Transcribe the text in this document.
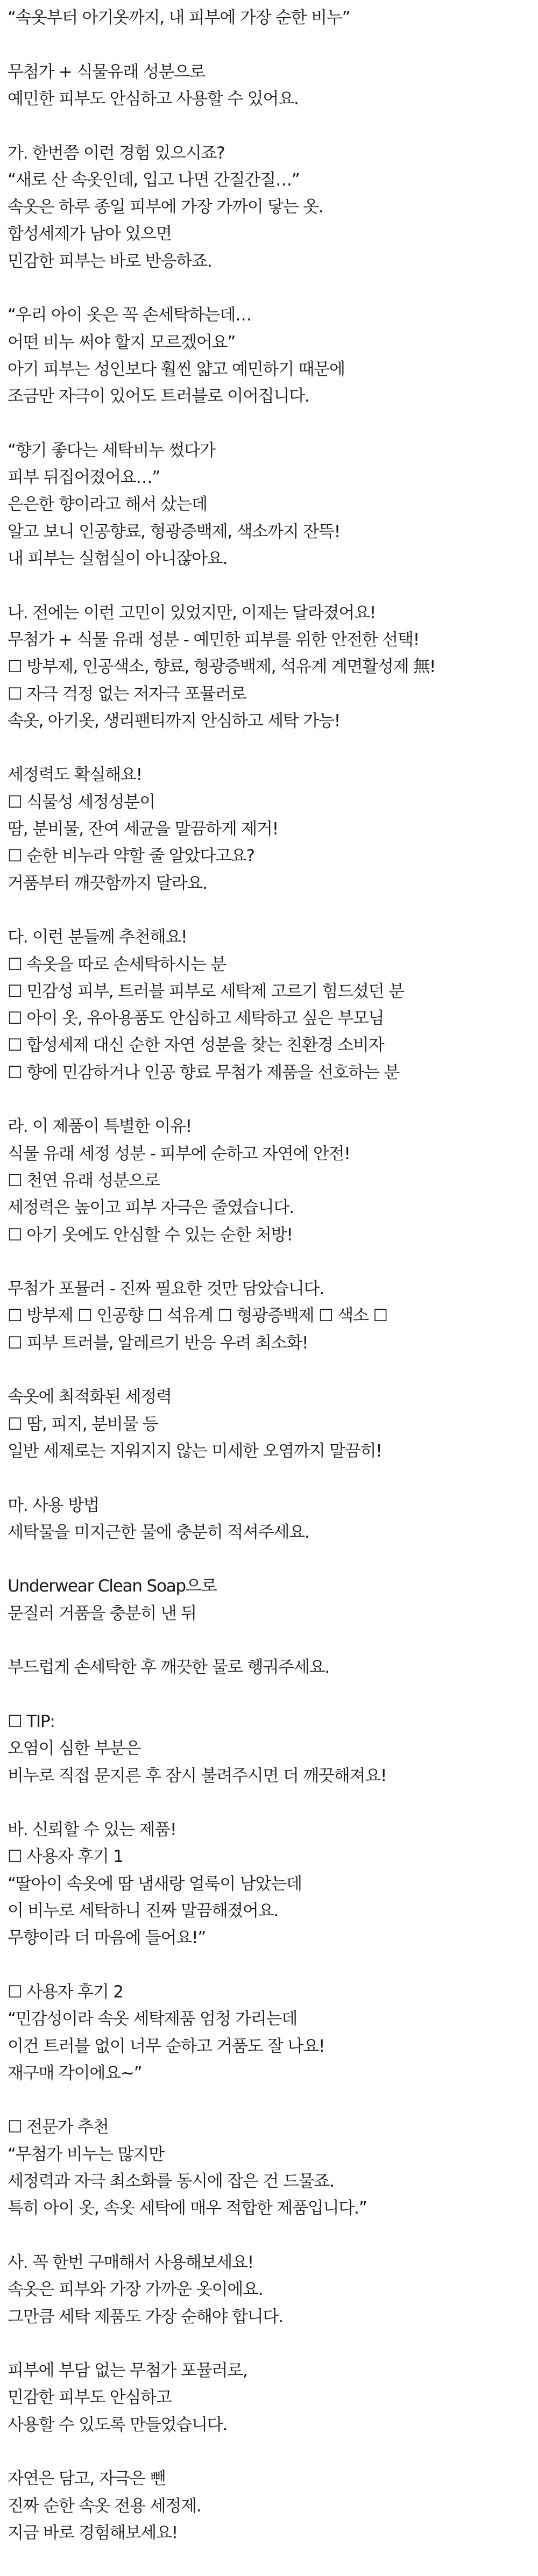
“속옷부터 아기옷까지, 내 피부에 가장 순한 비누”
무첨가 + 식물유래 성분으로
예민한 피부도 안심하고 사용할 수 있어요.
가. 한번쯤 이런 경험 있으시죠?
“새로 산 속옷인데, 입고 나면 간질간질…”
속옷은 하루 종일 피부에 가장 가까이 닿는 옷.
합성세제가 남아 있으면
민감한 피부는 바로 반응하죠.
“우리 아이 옷은 꼭 손세탁하는데…
어떤 비누 써야 할지 모르겠어요”
아기 피부는 성인보다 훨씬 얇고 예민하기 때문에
조금만 자극이 있어도 트러블로 이어집니다.
“향기 좋다는 세탁비누 썼다가
피부 뒤집어졌어요…”
은은한 향이라고 해서 샀는데
알고 보니 인공향료, 형광증백제, 색소까지 잔뜩!
내 피부는 실험실이 아니잖아요.
나. 전에는 이런 고민이 있었지만, 이제는 달라졌어요!
무첨가 + 식물 유래 성분 - 예민한 피부를 위한 안전한 선택!
☐ 방부제, 인공색소, 향료, 형광증백제, 석유계 계면활성제 無!
☐ 자극 걱정 없는 저자극 포뮬러로
속옷, 아기옷, 생리팬티까지 안심하고 세탁 가능!
세정력도 확실해요!
☐ 식물성 세정성분이
땀, 분비물, 잔여 세균을 말끔하게 제거!
☐ 순한 비누라 약할 줄 알았다고요?
거품부터 깨끗함까지 달라요.
다. 이런 분들께 추천해요!
☐ 속옷을 따로 손세탁하시는 분
☐ 민감성 피부, 트러블 피부로 세탁제 고르기 힘드셨던 분
☐ 아이 옷, 유아용품도 안심하고 세탁하고 싶은 부모님
☐ 합성세제 대신 순한 자연 성분을 찾는 친환경 소비자
☐ 향에 민감하거나 인공 향료 무첨가 제품을 선호하는 분
라. 이 제품이 특별한 이유!
식물 유래 세정 성분 - 피부에 순하고 자연에 안전!
☐ 천연 유래 성분으로
세정력은 높이고 피부 자극은 줄였습니다.
☐ 아기 옷에도 안심할 수 있는 순한 처방!
무첨가 포뮬러 - 진짜 필요한 것만 담았습니다.
☐ 방부제 ☐ 인공향 ☐ 석유계 ☐ 형광증백제 ☐ 색소 ☐
☐ 피부 트러블, 알레르기 반응 우려 최소화!
속옷에 최적화된 세정력
☐ 땀, 피지, 분비물 등
일반 세제로는 지워지지 않는 미세한 오염까지 말끔히!
마. 사용 방법
세탁물을 미지근한 물에 충분히 적셔주세요.
Underwear Clean Soap으로
문질러 거품을 충분히 낸 뒤
부드럽게 손세탁한 후 깨끗한 물로 헹궈주세요.
☐ TIP:
오염이 심한 부분은
비누로 직접 문지른 후 잠시 불려주시면 더 깨끗해져요!
바. 신뢰할 수 있는 제품!
☐ 사용자 후기 1
“딸아이 속옷에 땀 냄새랑 얼룩이 남았는데
이 비누로 세탁하니 진짜 말끔해졌어요.
무향이라 더 마음에 들어요!”
☐ 사용자 후기 2
“민감성이라 속옷 세탁제품 엄청 가리는데
이건 트러블 없이 너무 순하고 거품도 잘 나요!
재구매 각이에요~”
☐ 전문가 추천
“무첨가 비누는 많지만
세정력과 자극 최소화를 동시에 잡은 건 드물죠.
특히 아이 옷, 속옷 세탁에 매우 적합한 제품입니다.”
사. 꼭 한번 구매해서 사용해보세요!
속옷은 피부와 가장 가까운 옷이에요.
그만큼 세탁 제품도 가장 순해야 합니다.
피부에 부담 없는 무첨가 포뮬러로,
민감한 피부도 안심하고
사용할 수 있도록 만들었습니다.
자연은 담고, 자극은 뺀
진짜 순한 속옷 전용 세정제.
지금 바로 경험해보세요!
